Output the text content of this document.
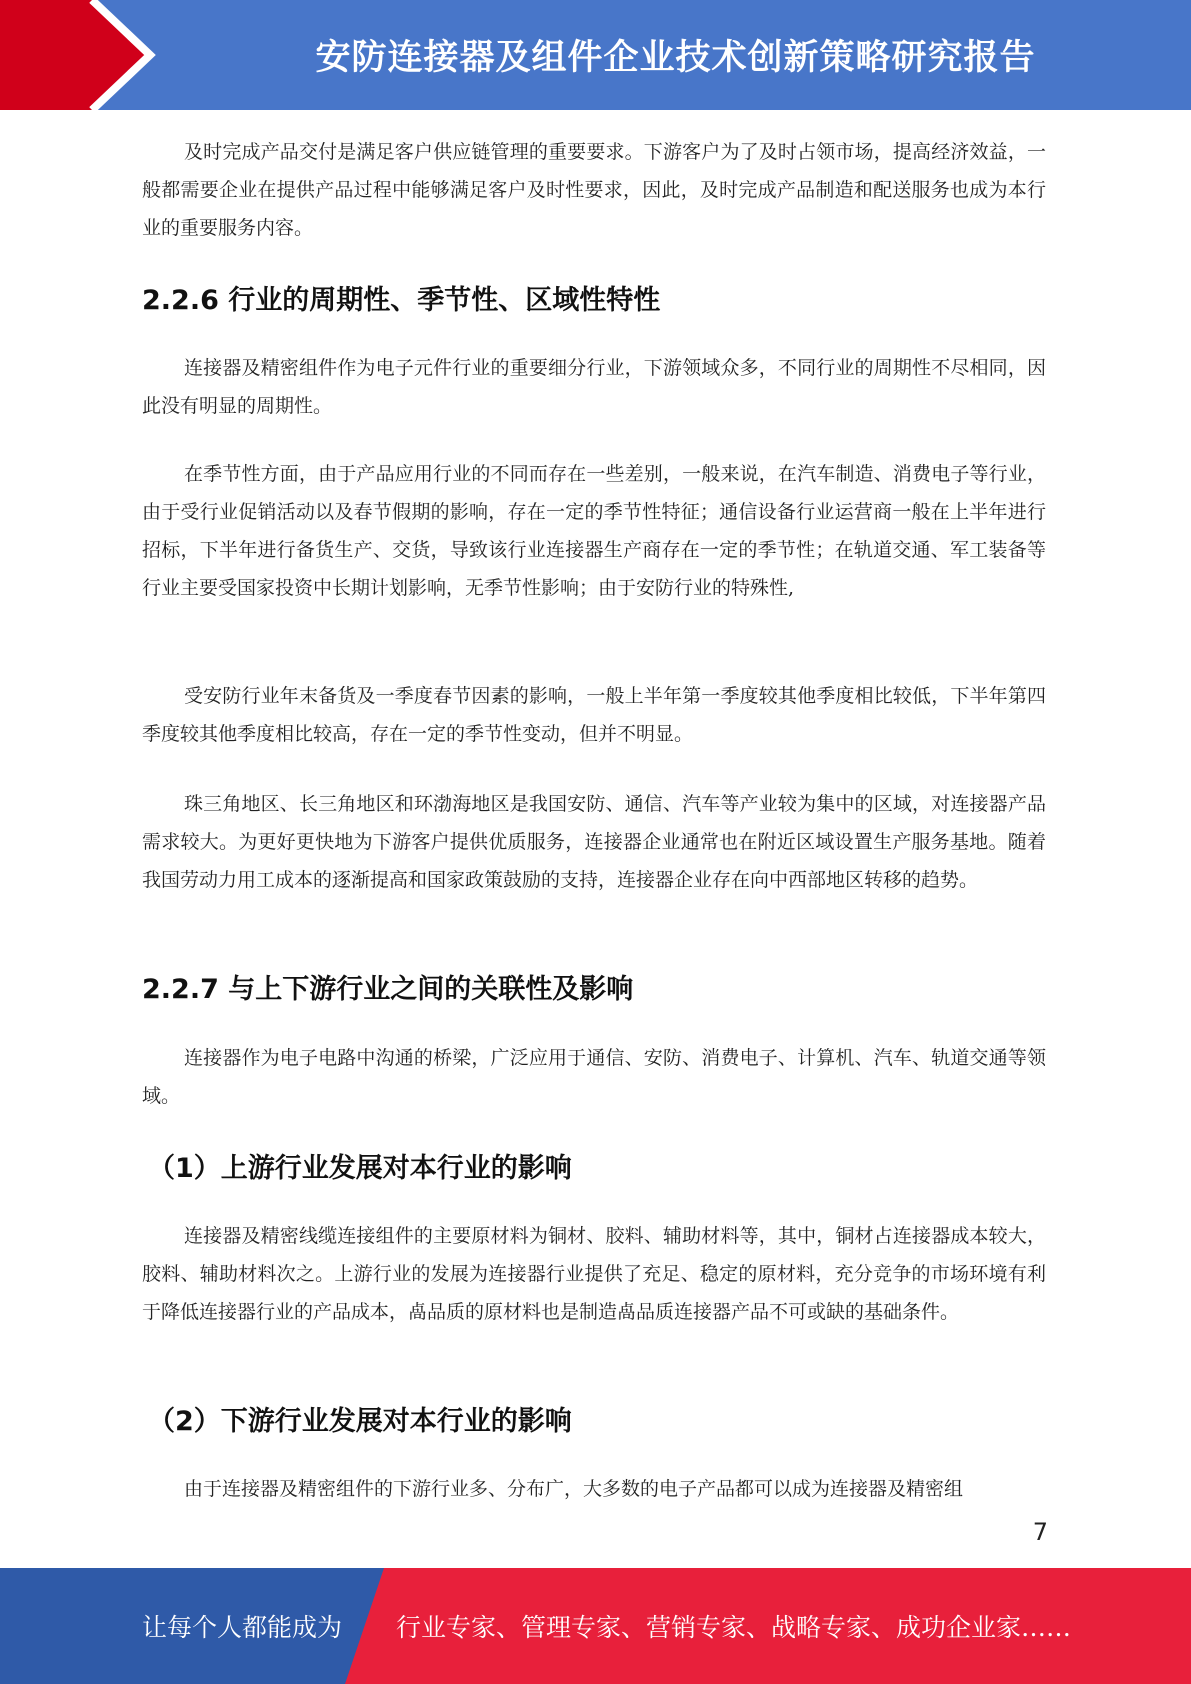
安防连接器及组件企业技术创新策略研究报告

及时完成产品交付是满足客户供应链管理的重要要求。下游客户为了及时占领市场，提高经济效益，一般都需要企业在提供产品过程中能够满足客户及时性要求，因此，及时完成产品制造和配送服务也成为本行业的重要服务内容。

2.2.6 行业的周期性、季节性、区域性特性

连接器及精密组件作为电子元件行业的重要细分行业，下游领域众多，不同行业的周期性不尽相同，因此没有明显的周期性。

在季节性方面，由于产品应用行业的不同而存在一些差别，一般来说，在汽车制造、消费电子等行业，由于受行业促销活动以及春节假期的影响，存在一定的季节性特征；通信设备行业运营商一般在上半年进行招标，下半年进行备货生产、交货，导致该行业连接器生产商存在一定的季节性；在轨道交通、军工装备等行业主要受国家投资中长期计划影响，无季节性影响；由于安防行业的特殊性,

受安防行业年末备货及一季度春节因素的影响，一般上半年第一季度较其他季度相比较低，下半年第四季度较其他季度相比较高，存在一定的季节性变动，但并不明显。

珠三角地区、长三角地区和环渤海地区是我国安防、通信、汽车等产业较为集中的区域，对连接器产品需求较大。为更好更快地为下游客户提供优质服务，连接器企业通常也在附近区域设置生产服务基地。随着我国劳动力用工成本的逐渐提高和国家政策鼓励的支持，连接器企业存在向中西部地区转移的趋势。

2.2.7 与上下游行业之间的关联性及影响

连接器作为电子电路中沟通的桥梁，广泛应用于通信、安防、消费电子、计算机、汽车、轨道交通等领域。

（1）上游行业发展对本行业的影响

连接器及精密线缆连接组件的主要原材料为铜材、胶料、辅助材料等，其中，铜材占连接器成本较大，胶料、辅助材料次之。上游行业的发展为连接器行业提供了充足、稳定的原材料，充分竞争的市场环境有利于降低连接器行业的产品成本，卨品质的原材料也是制造卨品质连接器产品不可或缺的基础条件。

（2）下游行业发展对本行业的影响

由于连接器及精密组件的下游行业多、分布广，大多数的电子产品都可以成为连接器及精密组

7
让每个人都能成为 行业专家、管理专家、营销专家、战略专家、成功企业家……
